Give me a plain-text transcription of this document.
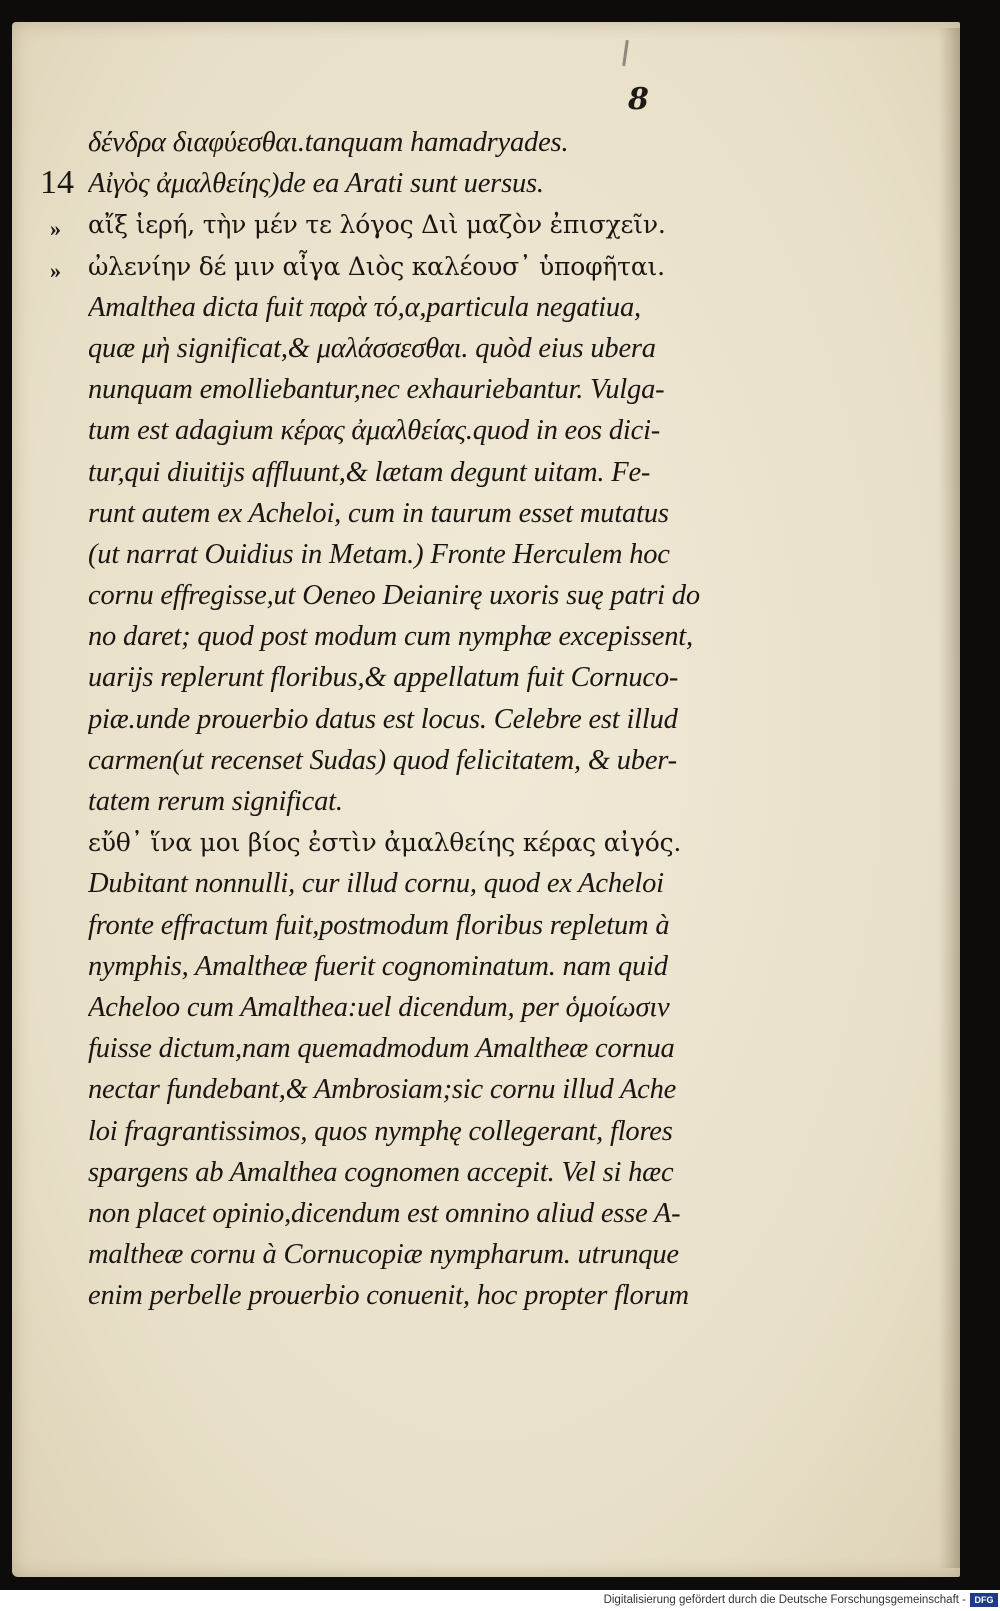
8
14
»
»
δένδρα διαφύεσθαι.tanquam hamadryades.
Αἰγὸς ἀμαλθείης)de ea Arati sunt uersus.
αἴξ ἱερή, τὴν μέν τε λόγος Διὶ μαζὸν ἐπισχεῖν.
ὠλενίην δέ μιν αἶγα Διὸς καλέουσ᾽ ὑποφῆται.
Amalthea dicta fuit παρὰ τό,α,particula negatiua,
quæ μὴ significat,& μαλάσσεσθαι. quòd eius ubera
nunquam emolliebantur,nec exhauriebantur. Vulga-
tum est adagium κέρας ἀμαλθείας.quod in eos dici-
tur,qui diuitijs affluunt,& lætam degunt uitam. Fe-
runt autem ex Acheloi, cum in taurum esset mutatus
(ut narrat Ouidius in Metam.) Fronte Herculem hoc
cornu effregisse,ut Oeneo Deianirę uxoris suę patri do
no daret; quod post modum cum nymphæ excepissent,
uarijs replerunt floribus,& appellatum fuit Cornuco-
piæ.unde prouerbio datus est locus. Celebre est illud
carmen(ut recenset Sudas) quod felicitatem, & uber-
tatem rerum significat.
εὔθ᾽ ἵνα μοι βίος ἐστὶν ἀμαλθείης κέρας αἰγός.
Dubitant nonnulli, cur illud cornu, quod ex Acheloi
fronte effractum fuit,postmodum floribus repletum à
nymphis, Amaltheæ fuerit cognominatum. nam quid
Acheloo cum Amalthea:uel dicendum, per ὁμοίωσιν
fuisse dictum,nam quemadmodum Amaltheæ cornua
nectar fundebant,& Ambrosiam;sic cornu illud Ache
loi fragrantissimos, quos nymphę collegerant, flores
spargens ab Amalthea cognomen accepit. Vel si hæc
non placet opinio,dicendum est omnino aliud esse A-
maltheæ cornu à Cornucopiæ nympharum. utrunque
enim perbelle prouerbio conuenit, hoc propter florum
Digitalisierung gefördert durch die Deutsche Forschungsgemeinschaft - DFG
